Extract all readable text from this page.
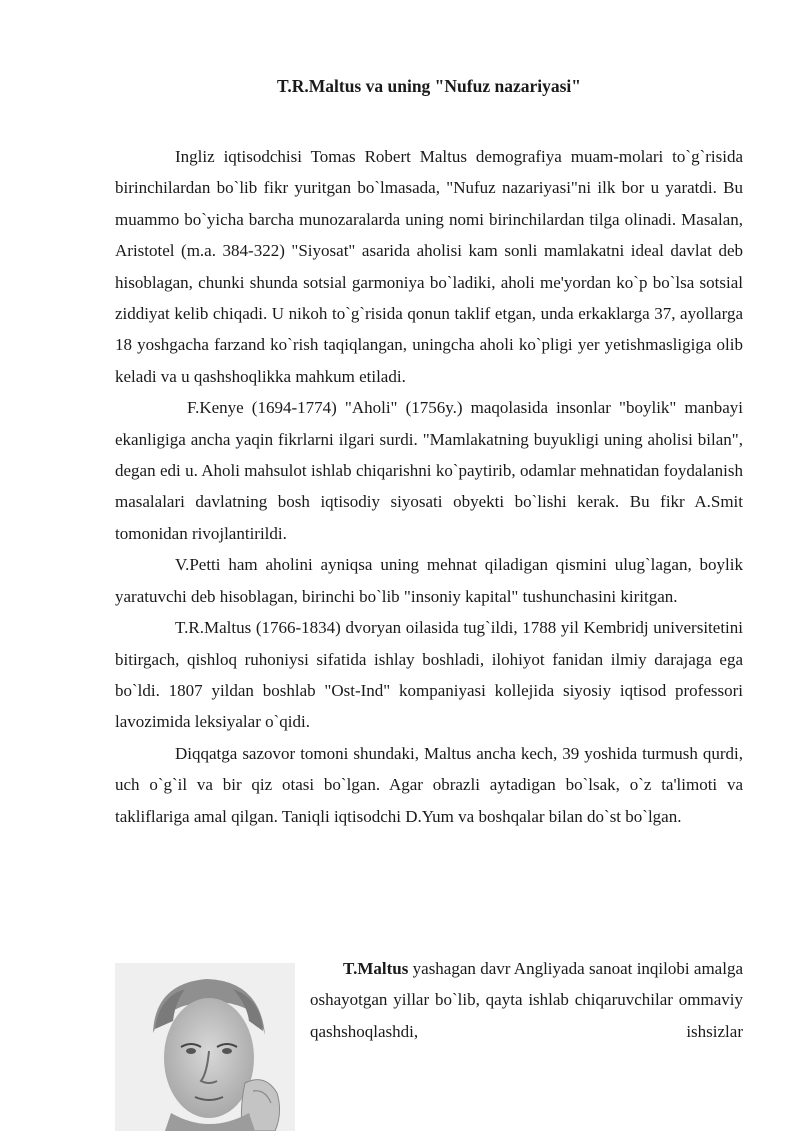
T.R.Maltus va uning "Nufuz nazariyasi"

Ingliz iqtisodchisi Tomas Robert Maltus demografiya muam-molari to`g`risida birinchilardan bo`lib fikr yuritgan bo`lmasada, "Nufuz nazariyasi"ni ilk bor u yaratdi. Bu muammo bo`yicha barcha munozaralarda uning nomi birinchilardan tilga olinadi. Masalan, Aristotel (m.a. 384-322) "Siyosat" asarida aholisi kam sonli mamlakatni ideal davlat deb hisoblagan, chunki shunda sotsial garmoniya bo`ladiki, aholi me'yordan ko`p bo`lsa sotsial ziddiyat kelib chiqadi. U nikoh to`g`risida qonun taklif etgan, unda erkaklarga 37, ayollarga 18 yoshgacha farzand ko`rish taqiqlangan, uningcha aholi ko`pligi yer yetishmasligiga olib keladi va u qashshoqlikka mahkum etiladi.

F.Kenye (1694-1774) "Aholi" (1756y.) maqolasida insonlar "boylik" manbayi ekanligiga ancha yaqin fikrlarni ilgari surdi. "Mamlakatning buyukligi uning aholisi bilan", degan edi u. Aholi mahsulot ishlab chiqarishni ko`paytirib, odamlar mehnatidan foydalanish masalalari davlatning bosh iqtisodiy siyosati obyekti bo`lishi kerak. Bu fikr A.Smit tomonidan rivojlantirildi.

V.Petti ham aholini ayniqsa uning mehnat qiladigan qismini ulug`lagan, boylik yaratuvchi deb hisoblagan, birinchi bo`lib "insoniy kapital" tushunchasini kiritgan.

T.R.Maltus (1766-1834) dvoryan oilasida tug`ildi, 1788 yil Kembridj universitetini bitirgach, qishloq ruhoniysi sifatida ishlay boshladi, ilohiyot fanidan ilmiy darajaga ega bo`ldi. 1807 yildan boshlab "Ost-Ind" kompaniyasi kollejida siyosiy iqtisod professori lavozimida leksiyalar o`qidi.

Diqqatga sazovor tomoni shundaki, Maltus ancha kech, 39 yoshida turmush qurdi, uch o`g`il va bir qiz otasi bo`lgan. Agar obrazli aytadigan bo`lsak, o`z ta'limoti va takliflariga amal qilgan. Taniqli iqtisodchi D.Yum va boshqalar bilan do`st bo`lgan.

T.Maltus yashagan davr Angliyada sanoat inqilobi amalga oshayotgan yillar bo`lib, qayta ishlab chiqaruvchilar ommaviy qashshoqlashdi, ishsizlar
